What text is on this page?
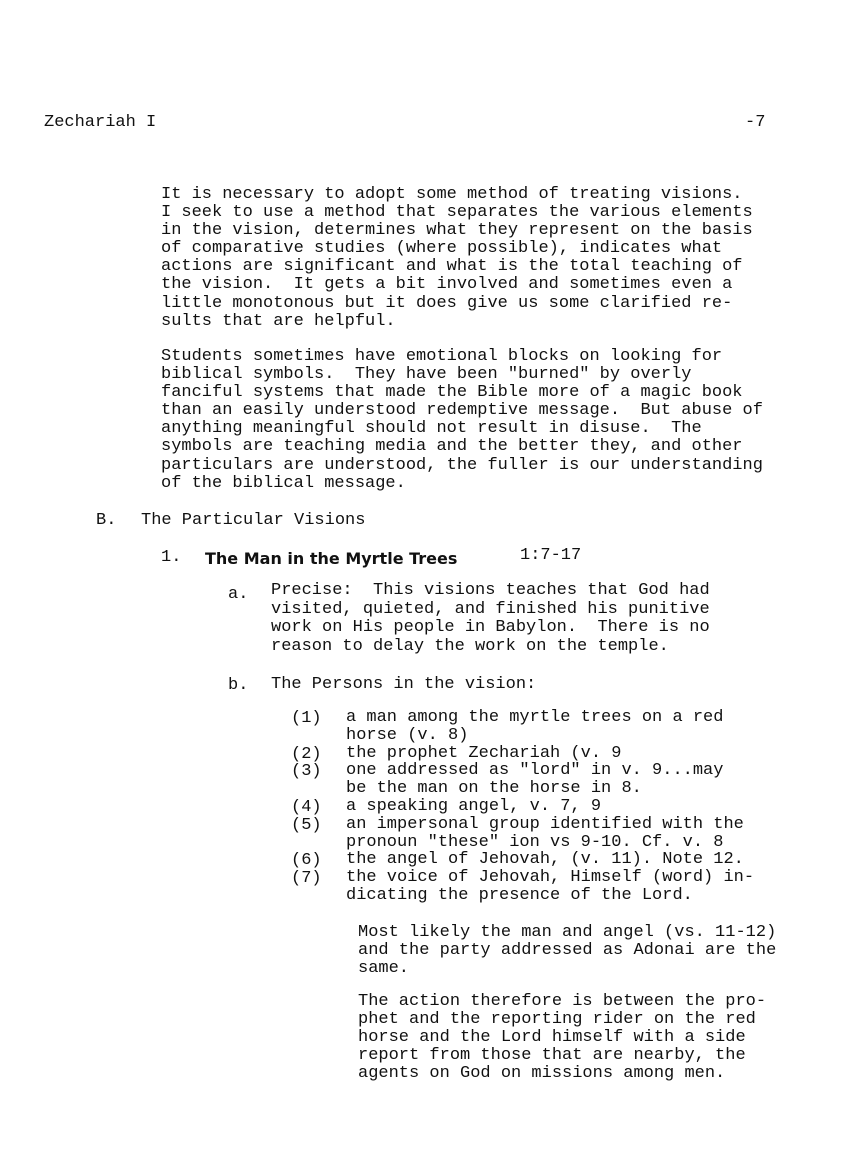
Zechariah I	-7
It is necessary to adopt some method of treating visions.
I seek to use a method that separates the various elements
in the vision, determines what they represent on the basis
of comparative studies (where possible), indicates what
actions are significant and what is the total teaching of
the vision.  It gets a bit involved and sometimes even a
little monotonous but it does give us some clarified re-
sults that are helpful.
Students sometimes have emotional blocks on looking for
biblical symbols.  They have been "burned" by overly
fanciful systems that made the Bible more of a magic book
than an easily understood redemptive message.  But abuse of
anything meaningful should not result in disuse.  The
symbols are teaching media and the better they, and other
particulars are understood, the fuller is our understanding
of the biblical message.
B. The Particular Visions
1. The Man in the Myrtle Trees	1:7-17
a. Precise:  This visions teaches that God had
visited, quieted, and finished his punitive
work on His people in Babylon.  There is no
reason to delay the work on the temple.
b. The Persons in the vision:
(1)	a man among the myrtle trees on a red
horse (v. 8)
(2)	the prophet Zechariah (v. 9
(3)	one addressed as "lord" in v. 9...may
be the man on the horse in 8.
(4)	a speaking angel, v. 7, 9
(5)	an impersonal group identified with the
pronoun "these" ion vs 9-10. Cf. v. 8
(6)	the angel of Jehovah, (v. 11). Note 12.
(7)	the voice of Jehovah, Himself (word) in-
dicating the presence of the Lord.
Most likely the man and angel (vs. 11-12)
and the party addressed as Adonai are the
same.
The action therefore is between the pro-
phet and the reporting rider on the red
horse and the Lord himself with a side
report from those that are nearby, the
agents on God on missions among men.
